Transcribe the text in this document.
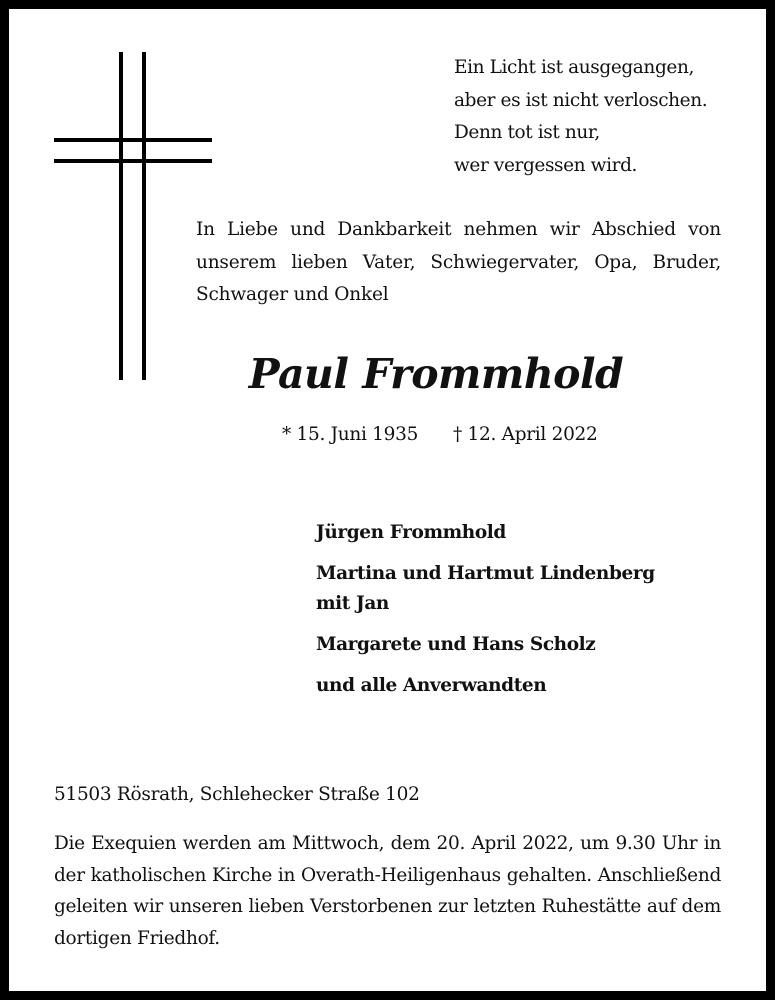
Ein Licht ist ausgegangen,
aber es ist nicht verloschen.
Denn tot ist nur,
wer vergessen wird.
In Liebe und Dankbarkeit nehmen wir Abschied von unserem lieben Vater, Schwiegervater, Opa, Bruder, Schwager und Onkel
Paul Frommhold
* 15. Juni 1935 † 12. April 2022
Jürgen Frommhold
Martina und Hartmut Lindenberg mit Jan
Margarete und Hans Scholz
und alle Anverwandten
51503 Rösrath, Schlehecker Straße 102
Die Exequien werden am Mittwoch, dem 20. April 2022, um 9.30 Uhr in der katholischen Kirche in Overath-Heiligenhaus gehalten. Anschließend geleiten wir unseren lieben Verstorbenen zur letzten Ruhestätte auf dem dortigen Friedhof.
